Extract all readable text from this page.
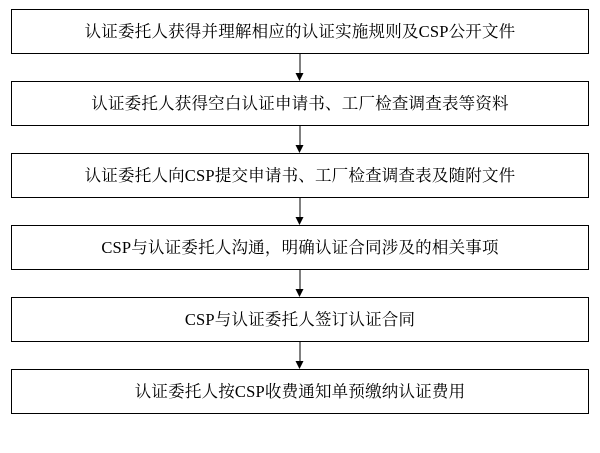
认证委托人获得并理解相应的认证实施规则及CSP公开文件
认证委托人获得空白认证申请书、工厂检查调查表等资料
认证委托人向CSP提交申请书、工厂检查调查表及随附文件
CSP与认证委托人沟通，明确认证合同涉及的相关事项
CSP与认证委托人签订认证合同
认证委托人按CSP收费通知单预缴纳认证费用
